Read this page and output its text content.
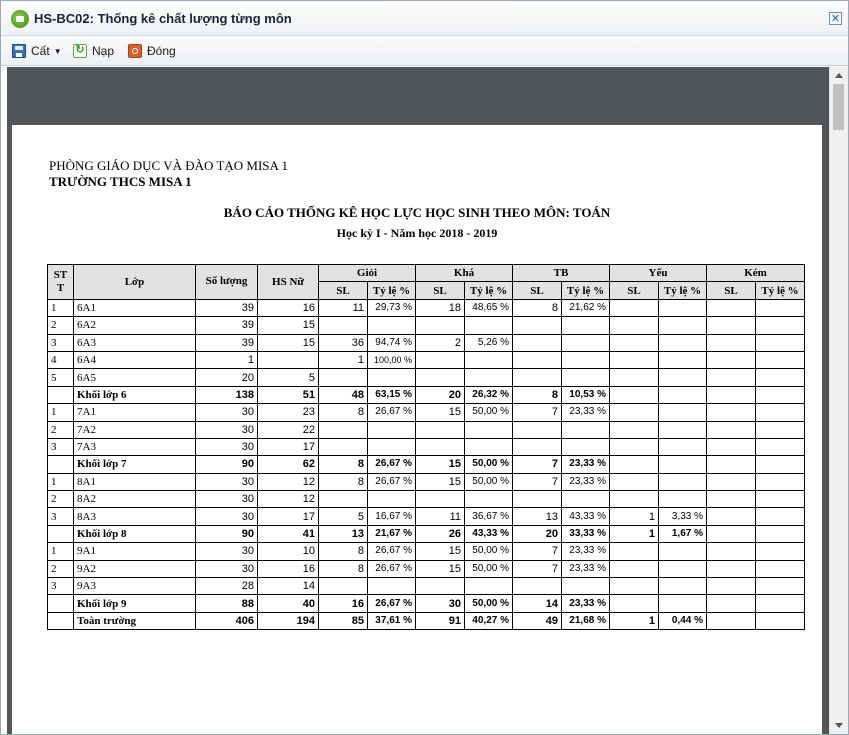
HS-BC02: Thống kê chất lượng từng môn	✕
Cất ▼ ↻ Nạp	Đóng
PHÒNG GIÁO DỤC VÀ ĐÀO TẠO MISA 1
TRƯỜNG THCS MISA 1
BÁO CÁO THỐNG KÊ HỌC LỰC HỌC SINH THEO MÔN: TOÁN
Học kỳ I - Năm học 2018 - 2019
ST T	Lớp	Số lượng	HS Nữ	Giỏi		Khá		TB		Yếu		Kém	
				SL	Tỷ lệ %	SL	Tỷ lệ %	SL	Tỷ lệ %	SL	Tỷ lệ %	SL	Tỷ lệ %
1	6A1	39	16	11	29,73 %	18	48,65 %	8	21,62 %				
2	6A2	39	15										
3	6A3	39	15	36	94,74 %	2	5,26 %						
4	6A4	1		1	100,00 %								
5	6A5	20	5										
	Khối lớp 6	138	51	48	63,15 %	20	26,32 %	8	10,53 %				
1	7A1	30	23	8	26,67 %	15	50,00 %	7	23,33 %				
2	7A2	30	22										
3	7A3	30	17										
	Khối lớp 7	90	62	8	26,67 %	15	50,00 %	7	23,33 %				
1	8A1	30	12	8	26,67 %	15	50,00 %	7	23,33 %				
2	8A2	30	12										
3	8A3	30	17	5	16,67 %	11	36,67 %	13	43,33 %	1	3,33 %		
	Khối lớp 8	90	41	13	21,67 %	26	43,33 %	20	33,33 %	1	1,67 %		
1	9A1	30	10	8	26,67 %	15	50,00 %	7	23,33 %				
2	9A2	30	16	8	26,67 %	15	50,00 %	7	23,33 %				
3	9A3	28	14										
	Khối lớp 9	88	40	16	26,67 %	30	50,00 %	14	23,33 %				
	Toàn trường	406	194	85	37,61 %	91	40,27 %	49	21,68 %	1	0,44 %		
